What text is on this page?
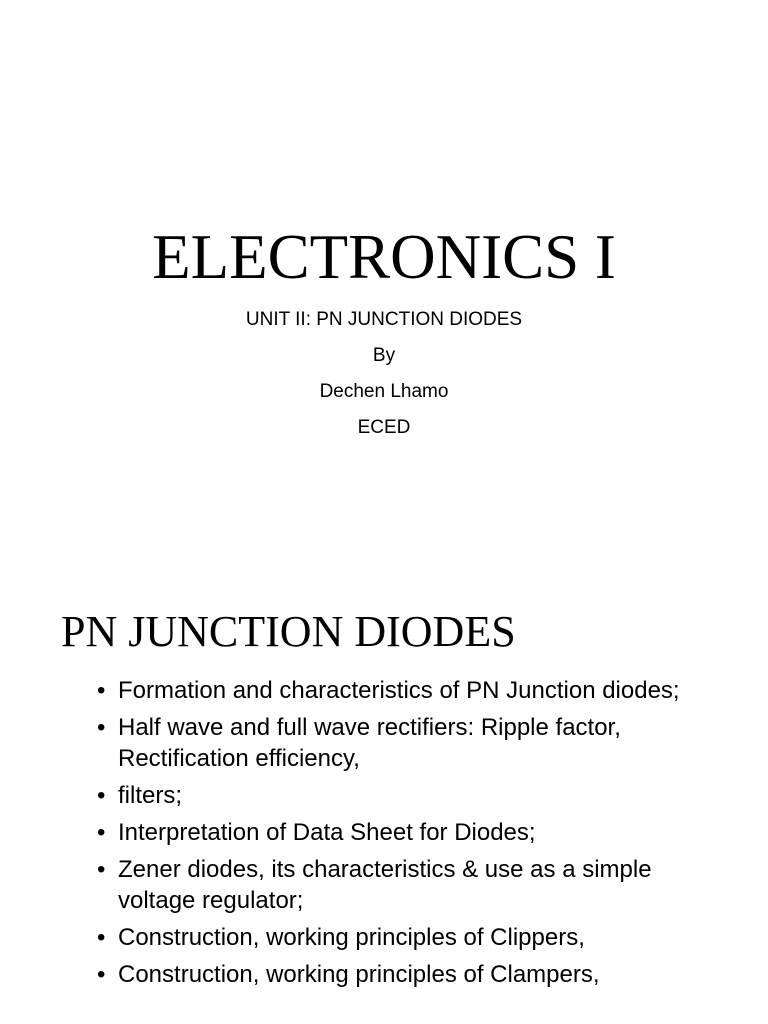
ELECTRONICS I
UNIT II: PN JUNCTION DIODES
By
Dechen Lhamo
ECED
PN JUNCTION DIODES
• Formation and characteristics of PN Junction diodes;
• Half wave and full wave rectifiers: Ripple factor, Rectification efficiency,
• filters;
• Interpretation of Data Sheet for Diodes;
• Zener diodes, its characteristics & use as a simple voltage regulator;
• Construction, working principles of Clippers,
• Construction, working principles of Clampers,
